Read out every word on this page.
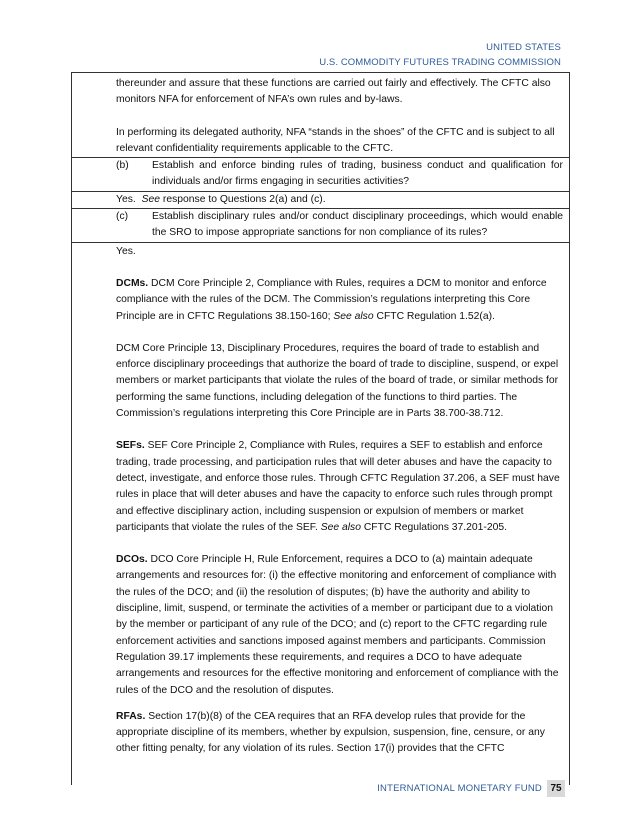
UNITED STATES
U.S. COMMODITY FUTURES TRADING COMMISSION

thereunder and assure that these functions are carried out fairly and effectively. The CFTC also monitors NFA for enforcement of NFA’s own rules and by-laws.

In performing its delegated authority, NFA “stands in the shoes” of the CFTC and is subject to all relevant confidentiality requirements applicable to the CFTC.

(b)	Establish and enforce binding rules of trading, business conduct and qualification for individuals and/or firms engaging in securities activities?

Yes. See response to Questions 2(a) and (c).

(c)	Establish disciplinary rules and/or conduct disciplinary proceedings, which would enable the SRO to impose appropriate sanctions for non compliance of its rules?

Yes.

DCMs. DCM Core Principle 2, Compliance with Rules, requires a DCM to monitor and enforce compliance with the rules of the DCM. The Commission’s regulations interpreting this Core Principle are in CFTC Regulations 38.150-160; See also CFTC Regulation 1.52(a).

DCM Core Principle 13, Disciplinary Procedures, requires the board of trade to establish and enforce disciplinary proceedings that authorize the board of trade to discipline, suspend, or expel members or market participants that violate the rules of the board of trade, or similar methods for performing the same functions, including delegation of the functions to third parties. The Commission’s regulations interpreting this Core Principle are in Parts 38.700-38.712.

SEFs. SEF Core Principle 2, Compliance with Rules, requires a SEF to establish and enforce trading, trade processing, and participation rules that will deter abuses and have the capacity to detect, investigate, and enforce those rules. Through CFTC Regulation 37.206, a SEF must have rules in place that will deter abuses and have the capacity to enforce such rules through prompt and effective disciplinary action, including suspension or expulsion of members or market participants that violate the rules of the SEF. See also CFTC Regulations 37.201-205.

DCOs. DCO Core Principle H, Rule Enforcement, requires a DCO to (a) maintain adequate arrangements and resources for: (i) the effective monitoring and enforcement of compliance with the rules of the DCO; and (ii) the resolution of disputes; (b) have the authority and ability to discipline, limit, suspend, or terminate the activities of a member or participant due to a violation by the member or participant of any rule of the DCO; and (c) report to the CFTC regarding rule enforcement activities and sanctions imposed against members and participants. Commission Regulation 39.17 implements these requirements, and requires a DCO to have adequate arrangements and resources for the effective monitoring and enforcement of compliance with the rules of the DCO and the resolution of disputes.

RFAs. Section 17(b)(8) of the CEA requires that an RFA develop rules that provide for the appropriate discipline of its members, whether by expulsion, suspension, fine, censure, or any other fitting penalty, for any violation of its rules. Section 17(i) provides that the CFTC

INTERNATIONAL MONETARY FUND 75
